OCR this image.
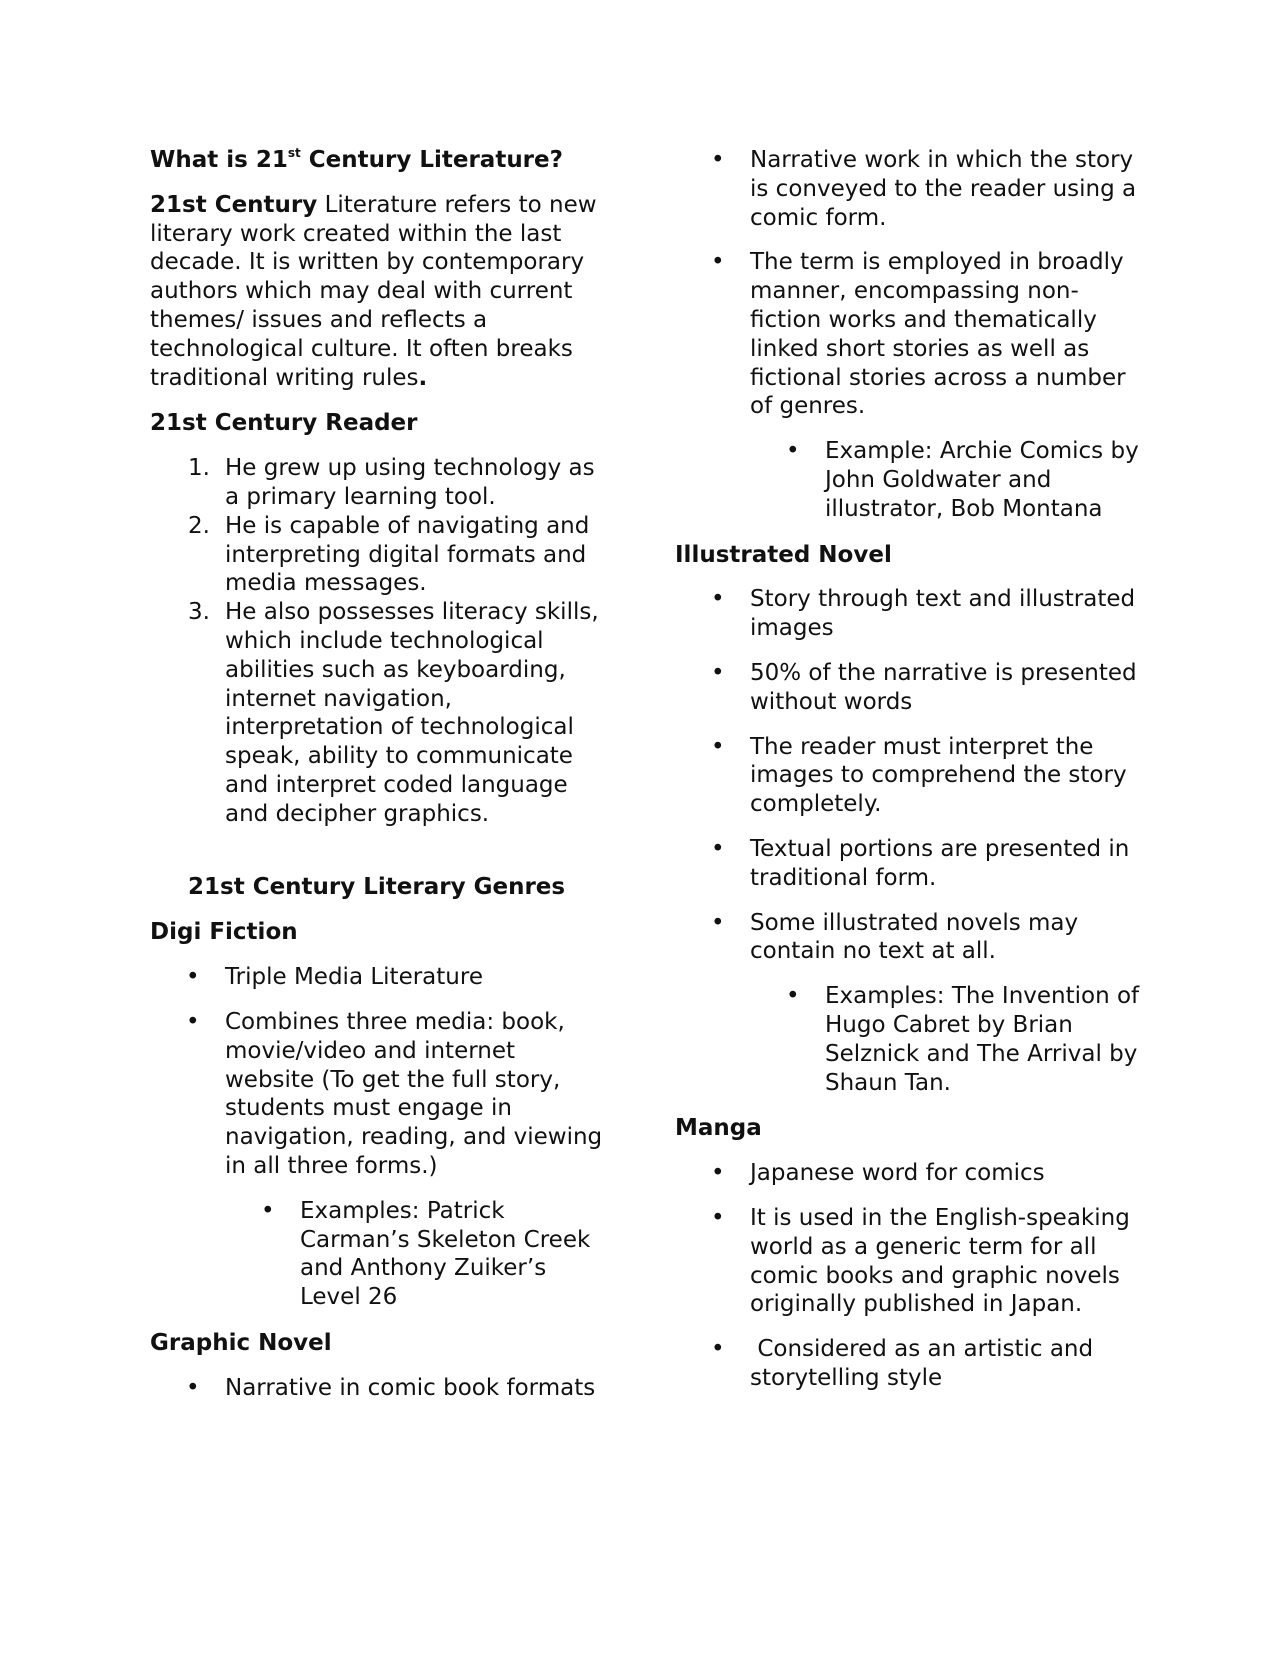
What is 21st Century Literature?

21st Century Literature refers to new literary work created within the last decade. It is written by contemporary authors which may deal with current themes/ issues and reflects a technological culture. It often breaks traditional writing rules.

21st Century Reader

1. He grew up using technology as a primary learning tool.
2. He is capable of navigating and interpreting digital formats and media messages.
3. He also possesses literacy skills, which include technological abilities such as keyboarding, internet navigation, interpretation of technological speak, ability to communicate and interpret coded language and decipher graphics.

21st Century Literary Genres

Digi Fiction

• Triple Media Literature
• Combines three media: book, movie/video and internet website (To get the full story, students must engage in navigation, reading, and viewing in all three forms.)
• Examples: Patrick Carman’s Skeleton Creek and Anthony Zuiker’s Level 26

Graphic Novel

• Narrative in comic book formats
• Narrative work in which the story is conveyed to the reader using a comic form.
• The term is employed in broadly manner, encompassing non-fiction works and thematically linked short stories as well as fictional stories across a number of genres.
• Example: Archie Comics by John Goldwater and illustrator, Bob Montana

Illustrated Novel

• Story through text and illustrated images
• 50% of the narrative is presented without words
• The reader must interpret the images to comprehend the story completely.
• Textual portions are presented in traditional form.
• Some illustrated novels may contain no text at all.
• Examples: The Invention of Hugo Cabret by Brian Selznick and The Arrival by Shaun Tan.

Manga

• Japanese word for comics
• It is used in the English-speaking world as a generic term for all comic books and graphic novels originally published in Japan.
• Considered as an artistic and storytelling style
